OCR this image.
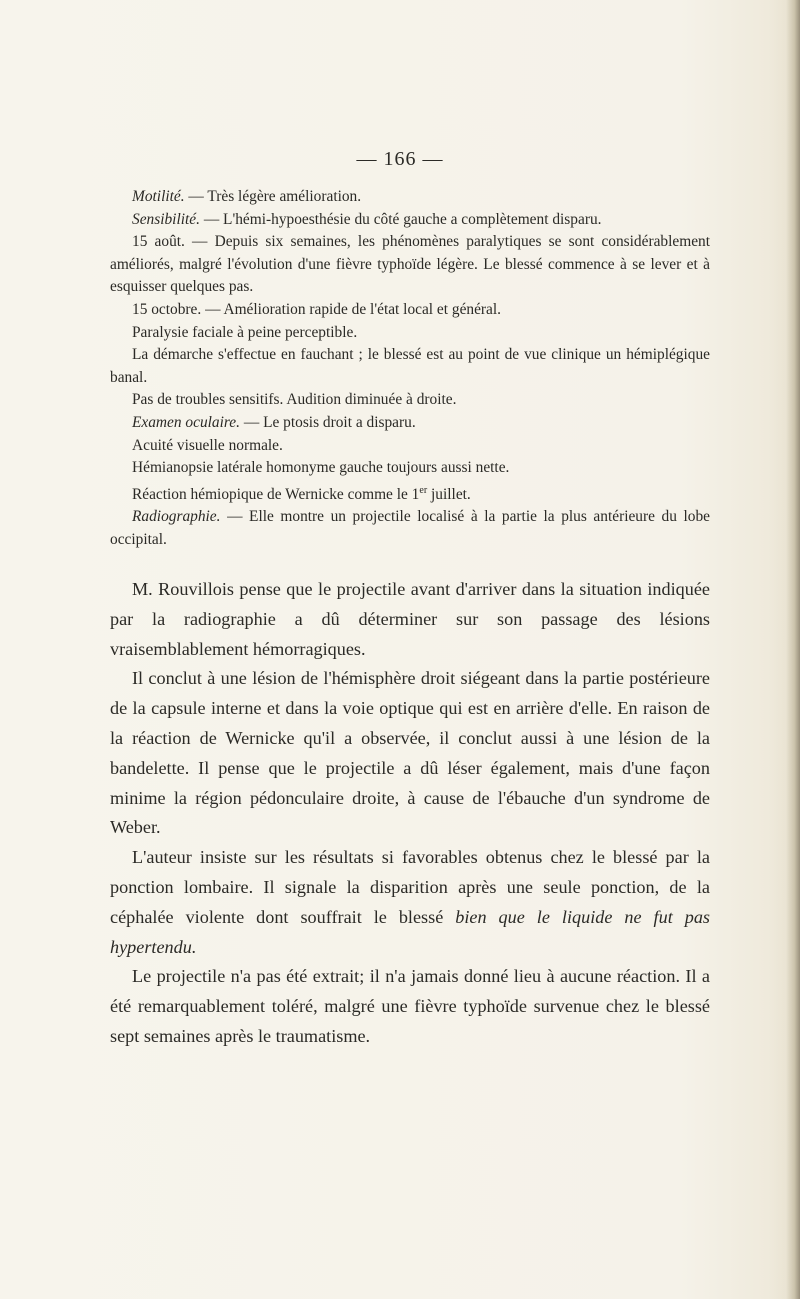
— 166 —

Motilité. — Très légère amélioration.

Sensibilité. — L'hémi-hypoesthésie du côté gauche a complètement disparu.

15 août. — Depuis six semaines, les phénomènes paralytiques se sont considérablement améliorés, malgré l'évolution d'une fièvre typhoïde légère. Le blessé commence à se lever et à esquisser quelques pas.

15 octobre. — Amélioration rapide de l'état local et général.

Paralysie faciale à peine perceptible.

La démarche s'effectue en fauchant ; le blessé est au point de vue clinique un hémiplégique banal.

Pas de troubles sensitifs. Audition diminuée à droite.

Examen oculaire. — Le ptosis droit a disparu.

Acuité visuelle normale.

Hémianopsie latérale homonyme gauche toujours aussi nette.

Réaction hémiopique de Wernicke comme le 1er juillet.

Radiographie. — Elle montre un projectile localisé à la partie la plus antérieure du lobe occipital.

M. Rouvillois pense que le projectile avant d'arriver dans la situation indiquée par la radiographie a dû déterminer sur son passage des lésions vraisemblablement hémorragiques.

Il conclut à une lésion de l'hémisphère droit siégeant dans la partie postérieure de la capsule interne et dans la voie optique qui est en arrière d'elle. En raison de la réaction de Wernicke qu'il a observée, il conclut aussi à une lésion de la bandelette. Il pense que le projectile a dû léser également, mais d'une façon minime la région pédonculaire droite, à cause de l'ébauche d'un syndrome de Weber.

L'auteur insiste sur les résultats si favorables obtenus chez le blessé par la ponction lombaire. Il signale la disparition après une seule ponction, de la céphalée violente dont souffrait le blessé bien que le liquide ne fut pas hypertendu.

Le projectile n'a pas été extrait; il n'a jamais donné lieu à aucune réaction. Il a été remarquablement toléré, malgré une fièvre typhoïde survenue chez le blessé sept semaines après le traumatisme.
